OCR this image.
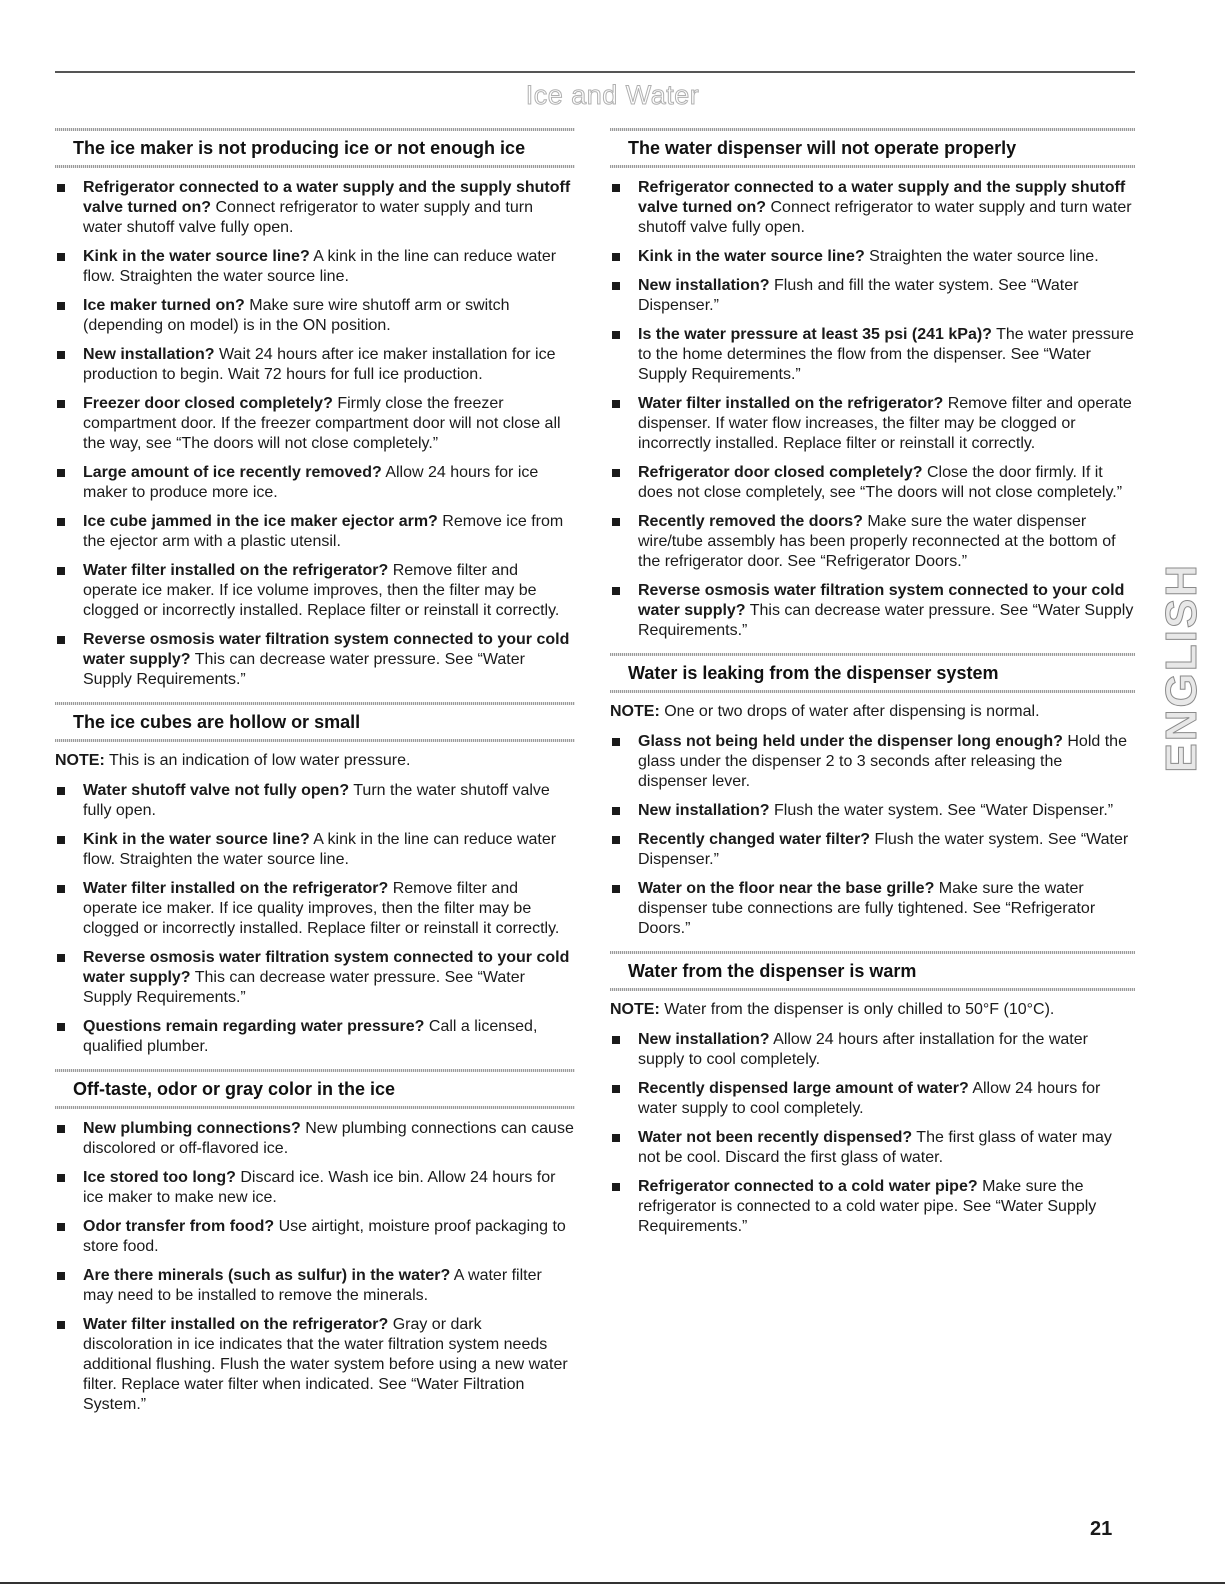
Ice and Water
The ice maker is not producing ice or not enough ice
Refrigerator connected to a water supply and the supply shutoff valve turned on? Connect refrigerator to water supply and turn water shutoff valve fully open.
Kink in the water source line? A kink in the line can reduce water flow. Straighten the water source line.
Ice maker turned on? Make sure wire shutoff arm or switch (depending on model) is in the ON position.
New installation? Wait 24 hours after ice maker installation for ice production to begin. Wait 72 hours for full ice production.
Freezer door closed completely? Firmly close the freezer compartment door. If the freezer compartment door will not close all the way, see “The doors will not close completely.”
Large amount of ice recently removed? Allow 24 hours for ice maker to produce more ice.
Ice cube jammed in the ice maker ejector arm? Remove ice from the ejector arm with a plastic utensil.
Water filter installed on the refrigerator? Remove filter and operate ice maker. If ice volume improves, then the filter may be clogged or incorrectly installed. Replace filter or reinstall it correctly.
Reverse osmosis water filtration system connected to your cold water supply? This can decrease water pressure. See “Water Supply Requirements.”
The ice cubes are hollow or small
NOTE: This is an indication of low water pressure.
Water shutoff valve not fully open? Turn the water shutoff valve fully open.
Kink in the water source line? A kink in the line can reduce water flow. Straighten the water source line.
Water filter installed on the refrigerator? Remove filter and operate ice maker. If ice quality improves, then the filter may be clogged or incorrectly installed. Replace filter or reinstall it correctly.
Reverse osmosis water filtration system connected to your cold water supply? This can decrease water pressure. See “Water Supply Requirements.”
Questions remain regarding water pressure? Call a licensed, qualified plumber.
Off-taste, odor or gray color in the ice
New plumbing connections? New plumbing connections can cause discolored or off-flavored ice.
Ice stored too long? Discard ice. Wash ice bin. Allow 24 hours for ice maker to make new ice.
Odor transfer from food? Use airtight, moisture proof packaging to store food.
Are there minerals (such as sulfur) in the water? A water filter may need to be installed to remove the minerals.
Water filter installed on the refrigerator? Gray or dark discoloration in ice indicates that the water filtration system needs additional flushing. Flush the water system before using a new water filter. Replace water filter when indicated. See “Water Filtration System.”
The water dispenser will not operate properly
Refrigerator connected to a water supply and the supply shutoff valve turned on? Connect refrigerator to water supply and turn water shutoff valve fully open.
Kink in the water source line? Straighten the water source line.
New installation? Flush and fill the water system. See “Water Dispenser.”
Is the water pressure at least 35 psi (241 kPa)? The water pressure to the home determines the flow from the dispenser. See “Water Supply Requirements.”
Water filter installed on the refrigerator? Remove filter and operate dispenser. If water flow increases, the filter may be clogged or incorrectly installed. Replace filter or reinstall it correctly.
Refrigerator door closed completely? Close the door firmly. If it does not close completely, see “The doors will not close completely.”
Recently removed the doors? Make sure the water dispenser wire/tube assembly has been properly reconnected at the bottom of the refrigerator door. See “Refrigerator Doors.”
Reverse osmosis water filtration system connected to your cold water supply? This can decrease water pressure. See “Water Supply Requirements.”
Water is leaking from the dispenser system
NOTE: One or two drops of water after dispensing is normal.
Glass not being held under the dispenser long enough? Hold the glass under the dispenser 2 to 3 seconds after releasing the dispenser lever.
New installation? Flush the water system. See “Water Dispenser.”
Recently changed water filter? Flush the water system. See “Water Dispenser.”
Water on the floor near the base grille? Make sure the water dispenser tube connections are fully tightened. See “Refrigerator Doors.”
Water from the dispenser is warm
NOTE: Water from the dispenser is only chilled to 50°F (10°C).
New installation? Allow 24 hours after installation for the water supply to cool completely.
Recently dispensed large amount of water? Allow 24 hours for water supply to cool completely.
Water not been recently dispensed? The first glass of water may not be cool. Discard the first glass of water.
Refrigerator connected to a cold water pipe? Make sure the refrigerator is connected to a cold water pipe. See “Water Supply Requirements.”
ENGLISH
21
